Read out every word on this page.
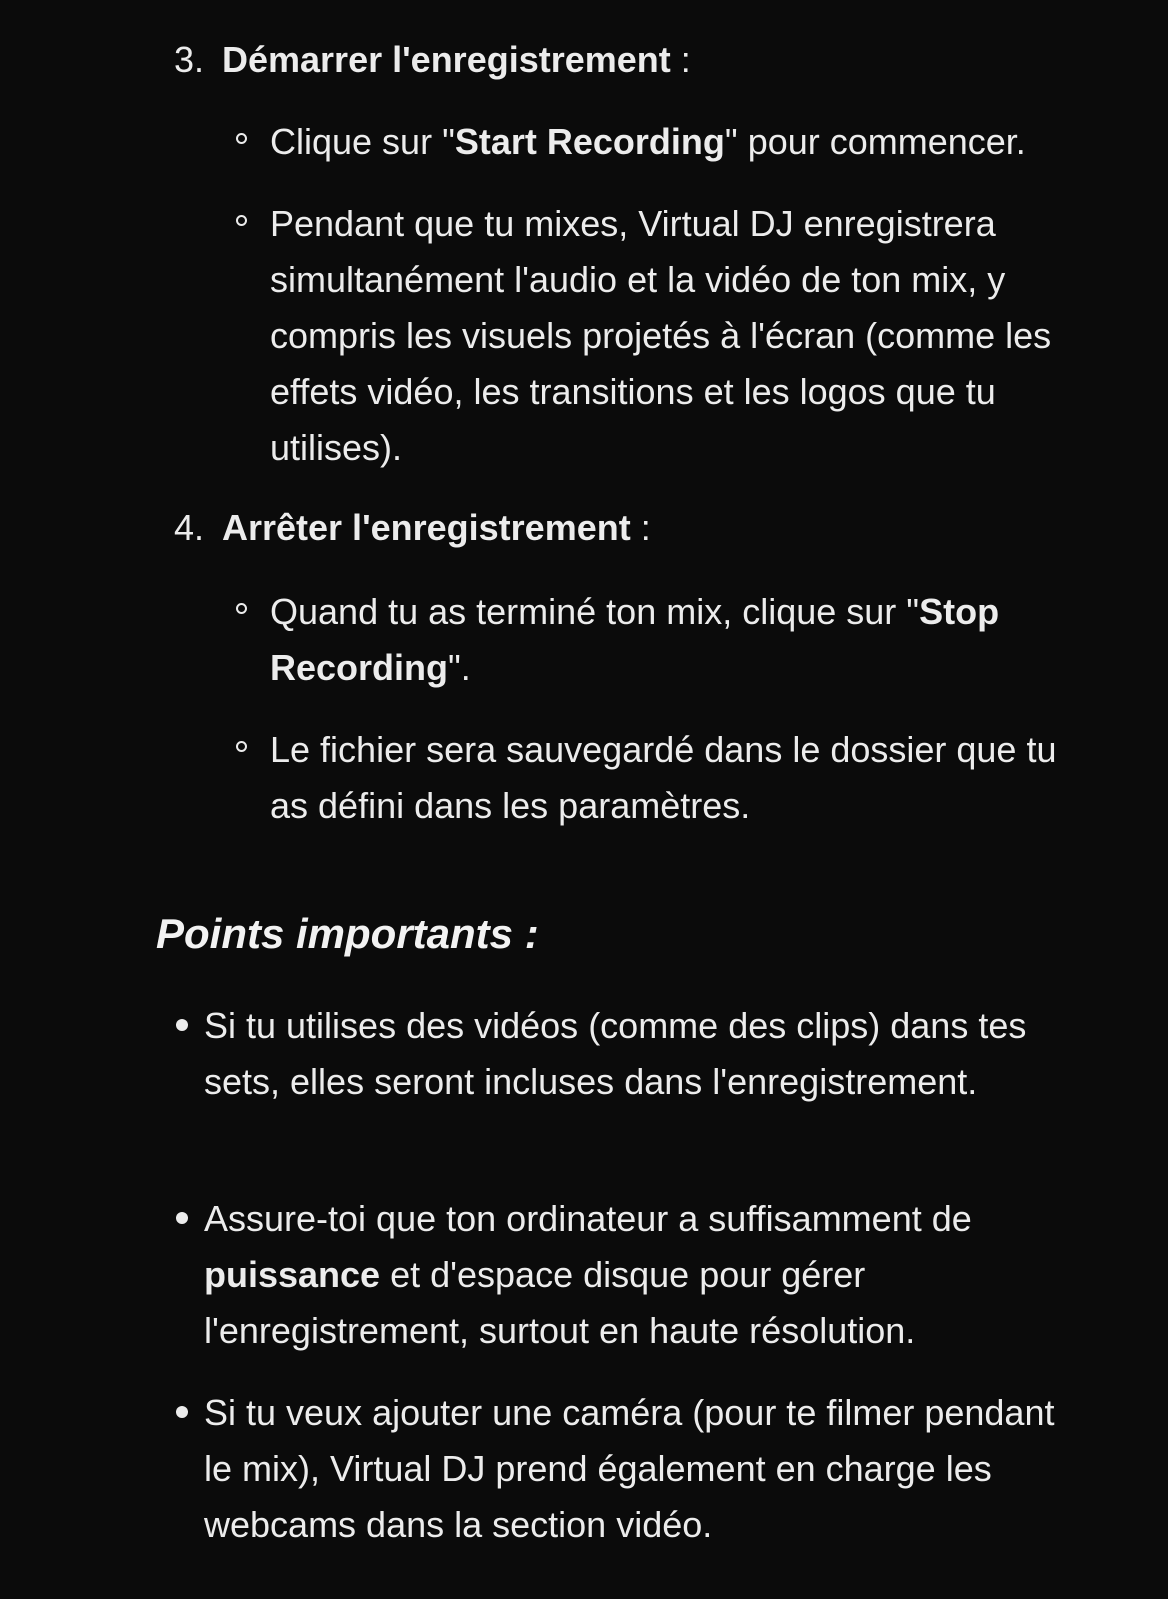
3. Démarrer l'enregistrement :
Clique sur "Start Recording" pour commencer.
Pendant que tu mixes, Virtual DJ enregistrera simultanément l'audio et la vidéo de ton mix, y compris les visuels projetés à l'écran (comme les effets vidéo, les transitions et les logos que tu utilises).
4. Arrêter l'enregistrement :
Quand tu as terminé ton mix, clique sur "Stop Recording".
Le fichier sera sauvegardé dans le dossier que tu as défini dans les paramètres.
Points importants :
Si tu utilises des vidéos (comme des clips) dans tes sets, elles seront incluses dans l'enregistrement.
Assure-toi que ton ordinateur a suffisamment de puissance et d'espace disque pour gérer l'enregistrement, surtout en haute résolution.
Si tu veux ajouter une caméra (pour te filmer pendant le mix), Virtual DJ prend également en charge les webcams dans la section vidéo.
